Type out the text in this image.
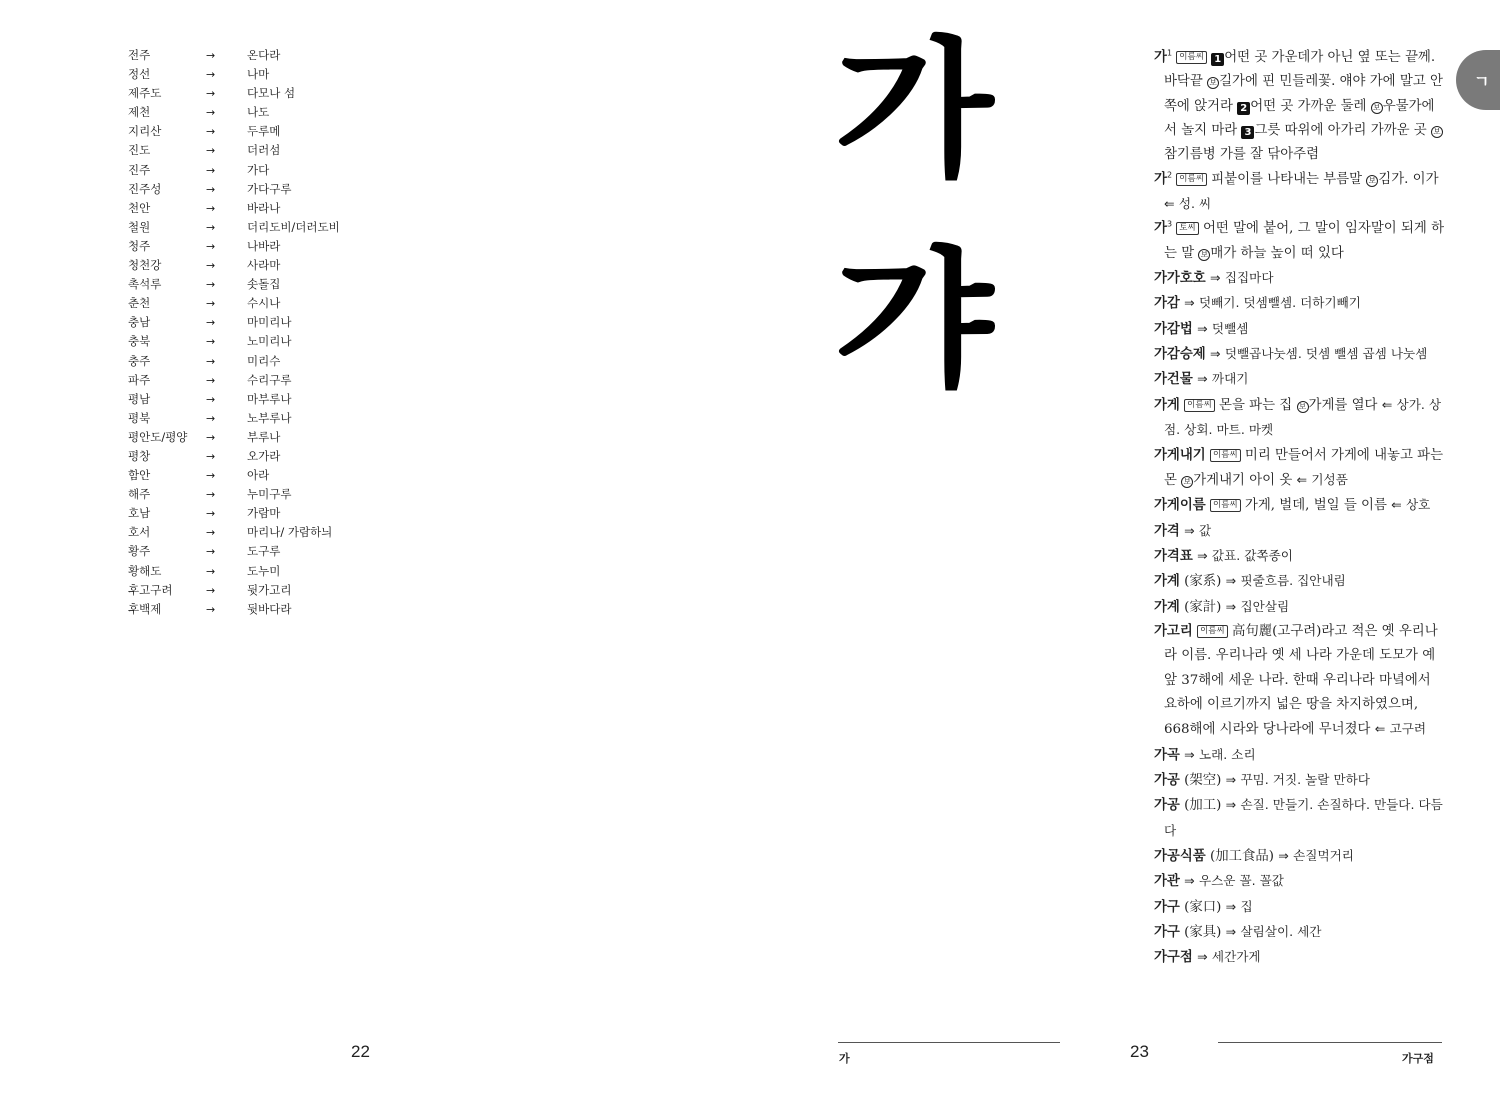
전주	→	온다라
정선	→	나마
제주도	→	다모나 섬
제천	→	나도
지리산	→	두루메
진도	→	더러섬
진주	→	가다
진주성	→	가다구루
천안	→	바라나
철원	→	더리도비/더러도비
청주	→	나바라
청천강	→	사라마
촉석루	→	솟돌집
춘천	→	수시나
충남	→	마미리나
충북	→	노미리나
충주	→	미리수
파주	→	수리구루
평남	→	마부루나
평북	→	노부루나
평안도/평양 →	부루나
평창	→	오가라
함안	→	아라
해주	→	누미구루
호남	→	가람마
호서	→	마리나/ 가람하늬
황주	→	도구루
황해도	→	도누미
후고구려	→	뒷가고리
후백제	→	뒷바다라
22
가
갸
ㄱ
가$^1$ 이름씨 1 어떤 곳 가운데가 아닌 옆 또는 끝께. 바닥끝 보 길가에 핀 민들레꽃. 얘야 가에 말고 안쪽에 앉거라 2 어떤 곳 가까운 둘레 보 우물가에서 놀지 마라 3 그릇 따위에 아가리 가까운 곳 보참기름병 가를 잘 닦아주렴
가$^2$ 이름씨 피붙이를 나타내는 부름말 보 김가. 이가 ⇐ 성. 씨
가$^3$ 토씨 어떤 말에 붙어, 그 말이 임자말이 되게 하는 말 보 매가 하늘 높이 떠 있다
가가호호 ⇒ 집집마다
가감 ⇒ 덧빼기. 덧셈뺄셈. 더하기빼기
가감법 ⇒ 덧뺄셈
가감승제 ⇒ 덧뺄곱나눗셈. 덧셈 뺄셈 곱셈 나눗셈
가건물 ⇒ 까대기
가게 이름씨 몬을 파는 집 보 가게를 열다 ⇐ 상가. 상점. 상회. 마트. 마켓
가게내기 이름씨 미리 만들어서 가게에 내놓고 파는 몬 보 가게내기 아이 옷 ⇐ 기성품
가게이름 이름씨 가게, 벌데, 벌일 들 이름 ⇐ 상호
가격 ⇒ 값
가격표 ⇒ 값표. 값쪽종이
가계 (家系) ⇒ 핏줄흐름. 집안내림
가계 (家計) ⇒ 집안살림
가고리 이름씨 高句麗(고구려)라고 적은 옛 우리나라 이름. 우리나라 옛 세 나라 가운데 도모가 예앞 37해에 세운 나라. 한때 우리나라 마녘에서 요하에 이르기까지 넓은 땅을 차지하였으며, 668해에 시라와 당나라에 무너졌다 ⇐ 고구려
가곡 ⇒ 노래. 소리
가공 (架空) ⇒ 꾸밈. 거짓. 놀랄 만하다
가공 (加工) ⇒ 손질. 만들기. 손질하다. 만들다. 다듬다
가공식품 (加工食品) ⇒ 손질먹거리
가관 ⇒ 우스운 꼴. 꼴값
가구 (家口) ⇒ 집
가구 (家具) ⇒ 살림살이. 세간
가구점 ⇒ 세간가게
가	23	가구점
